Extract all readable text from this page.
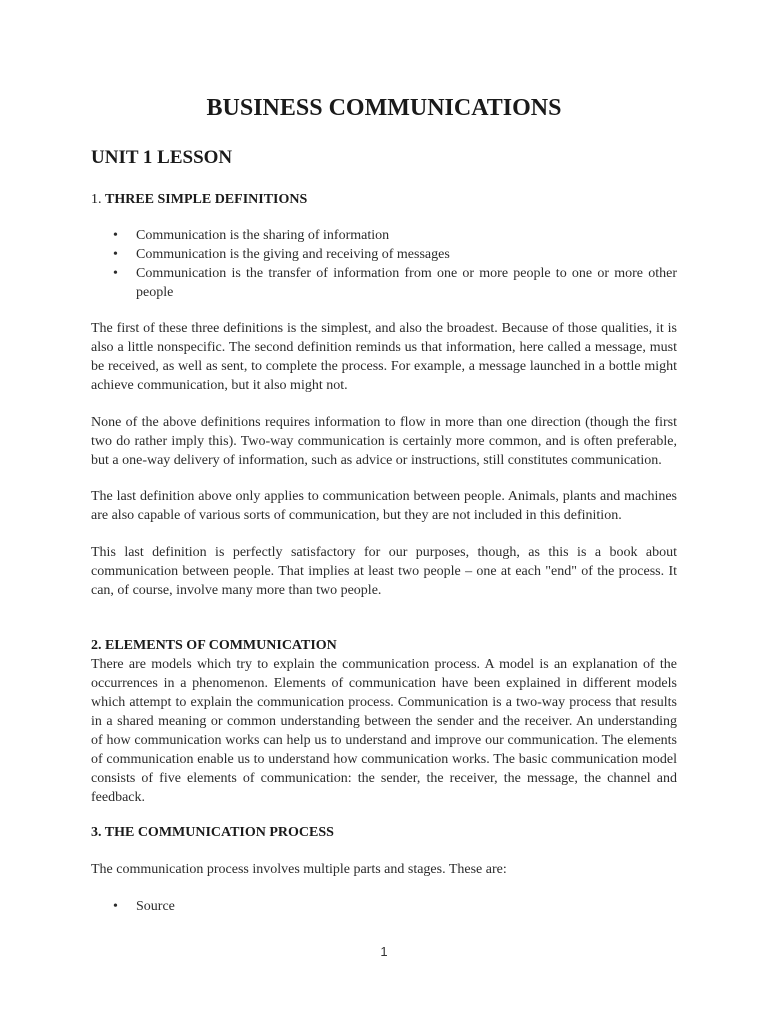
BUSINESS COMMUNICATIONS
UNIT 1 LESSON
1. THREE SIMPLE DEFINITIONS
• Communication is the sharing of information
• Communication is the giving and receiving of messages
• Communication is the transfer of information from one or more people to one or more other people

The first of these three definitions is the simplest, and also the broadest. Because of those qualities, it is also a little nonspecific. The second definition reminds us that information, here called a message, must be received, as well as sent, to complete the process. For example, a message launched in a bottle might achieve communication, but it also might not.

None of the above definitions requires information to flow in more than one direction (though the first two do rather imply this). Two-way communication is certainly more common, and is often preferable, but a one-way delivery of information, such as advice or instructions, still constitutes communication.

The last definition above only applies to communication between people. Animals, plants and machines are also capable of various sorts of communication, but they are not included in this definition.

This last definition is perfectly satisfactory for our purposes, though, as this is a book about communication between people. That implies at least two people – one at each "end" of the process. It can, of course, involve many more than two people.

2. ELEMENTS OF COMMUNICATION

There are models which try to explain the communication process. A model is an explanation of the occurrences in a phenomenon. Elements of communication have been explained in different models which attempt to explain the communication process. Communication is a two-way process that results in a shared meaning or common understanding between the sender and the receiver. An understanding of how communication works can help us to understand and improve our communication. The elements of communication enable us to understand how communication works. The basic communication model consists of five elements of communication: the sender, the receiver, the message, the channel and feedback.

3. THE COMMUNICATION PROCESS

The communication process involves multiple parts and stages. These are:

• Source
1
